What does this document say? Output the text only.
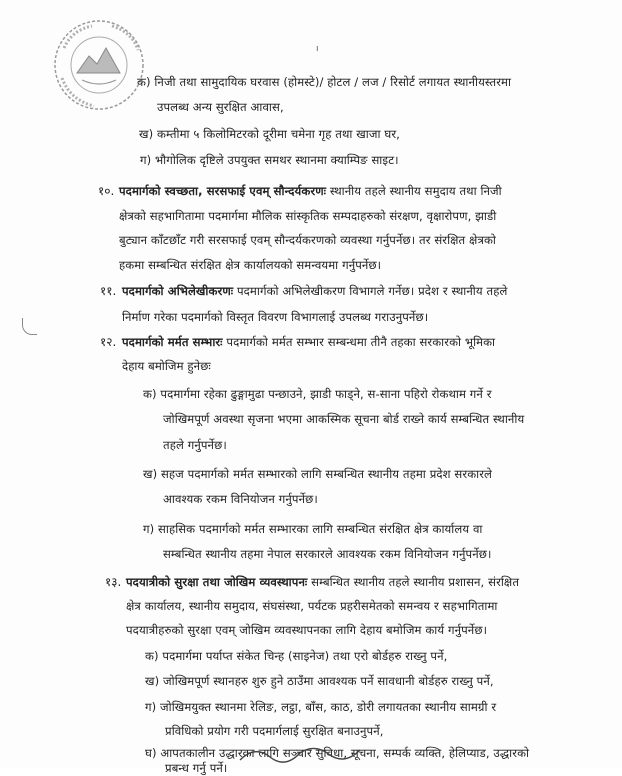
ı
क) निजी तथा सामुदायिक घरवास (होमस्टे)/ होटल / लज / रिसोर्ट लगायत स्थानीयस्तरमा
उपलब्ध अन्य सुरक्षित आवास,
ख) कम्तीमा ५ किलोमिटरको दूरीमा चमेना गृह तथा खाजा घर,
ग) भौगोलिक दृष्टिले उपयुक्त समथर स्थानमा क्याम्पिङ साइट।
१०. पदमार्गको स्वच्छता, सरसफाई एवम् सौन्दर्यकरणः स्थानीय तहले स्थानीय समुदाय तथा निजी
क्षेत्रको सहभागितामा पदमार्गमा मौलिक सांस्कृतिक सम्पदाहरुको संरक्षण, वृक्षारोपण, झाडी
बुट्यान काँटछाँट गरी सरसफाई एवम् सौन्दर्यकरणको व्यवस्था गर्नुपर्नेछ। तर संरक्षित क्षेत्रको
हकमा सम्बन्धित संरक्षित क्षेत्र कार्यालयको समन्वयमा गर्नुपर्नेछ।
११. पदमार्गको अभिलेखीकरणः पदमार्गको अभिलेखीकरण विभागले गर्नेछ। प्रदेश र स्थानीय तहले
निर्माण गरेका पदमार्गको विस्तृत विवरण विभागलाई उपलब्ध गराउनुपर्नेछ।
१२. पदमार्गको मर्मत सम्भारः पदमार्गको मर्मत सम्भार सम्बन्धमा तीनै तहका सरकारको भूमिका
देहाय बमोजिम हुनेछः
क) पदमार्गमा रहेका ढुङ्गामुढा पन्छाउने, झाडी फाड्ने, स-साना पहिरो रोकथाम गर्ने र
जोखिमपूर्ण अवस्था सृजना भएमा आकस्मिक सूचना बोर्ड राख्ने कार्य सम्बन्धित स्थानीय
तहले गर्नुपर्नेछ।
ख) सहज पदमार्गको मर्मत सम्भारको लागि सम्बन्धित स्थानीय तहमा प्रदेश सरकारले
आवश्यक रकम विनियोजन गर्नुपर्नेछ।
ग) साहसिक पदमार्गको मर्मत सम्भारका लागि सम्बन्धित संरक्षित क्षेत्र कार्यालय वा
सम्बन्धित स्थानीय तहमा नेपाल सरकारले आवश्यक रकम विनियोजन गर्नुपर्नेछ।
१३. पदयात्रीको सुरक्षा तथा जोखिम व्यवस्थापनः सम्बन्धित स्थानीय तहले स्थानीय प्रशासन, संरक्षित
क्षेत्र कार्यालय, स्थानीय समुदाय, संघसंस्था, पर्यटक प्रहरीसमेतको समन्वय र सहभागितामा
पदयात्रीहरुको सुरक्षा एवम् जोखिम व्यवस्थापनका लागि देहाय बमोजिम कार्य गर्नुपर्नेछ।
क) पदमार्गमा पर्याप्त संकेत चिन्ह (साइनेज) तथा एरो बोर्डहरु राख्नु पर्ने,
ख) जोखिमपूर्ण स्थानहरु शुरु हुने ठाउँमा आवश्यक पर्ने सावधानी बोर्डहरु राख्नु पर्ने,
ग) जोखिमयुक्त स्थानमा रेलिङ, लट्ठा, बाँस, काठ, डोरी लगायतका स्थानीय सामग्री र
प्रविधिको प्रयोग गरी पदमार्गलाई सुरक्षित बनाउनुपर्ने,
घ) आपतकालीन उद्धारका लागि सञ्चार सुविधा, सूचना, सम्पर्क व्यक्ति, हेलिप्याड, उद्धारको
प्रबन्ध गर्नु पर्ने।
